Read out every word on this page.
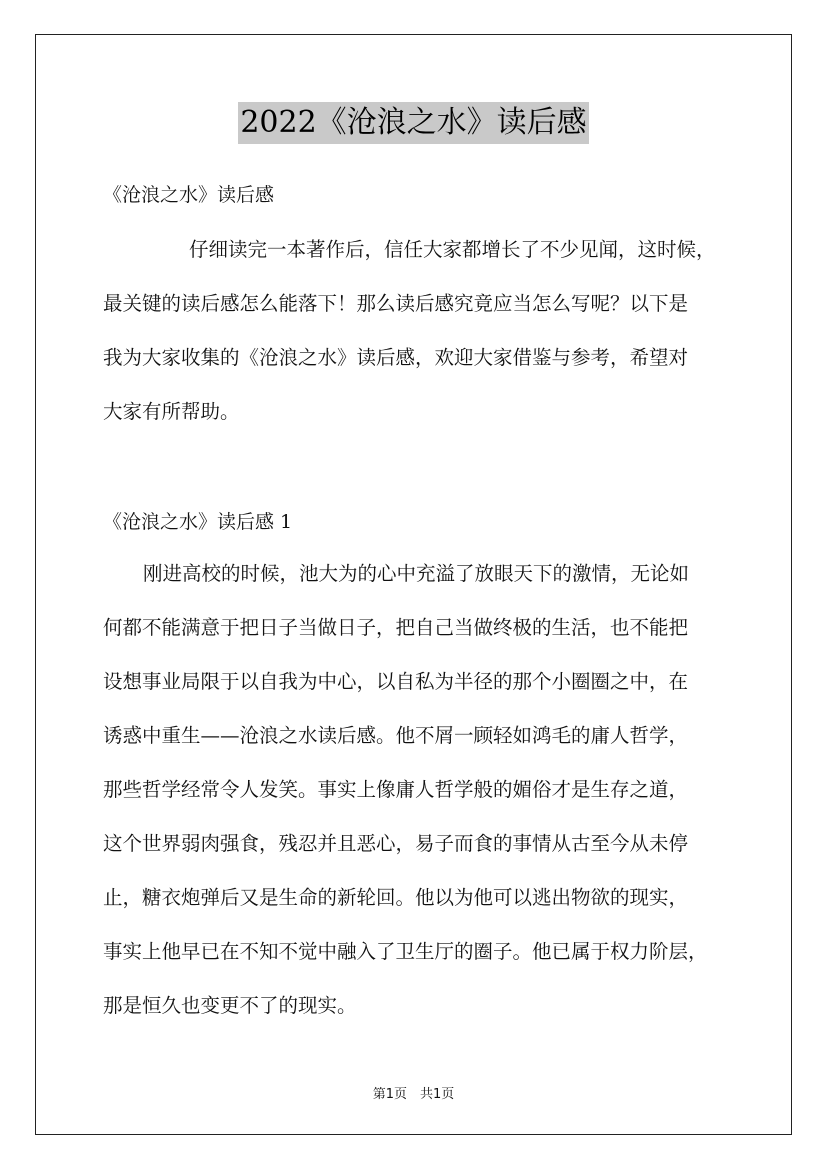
2022《沧浪之水》读后感
《沧浪之水》读后感

仔细读完一本著作后，信任大家都增长了不少见闻，这时候，
最关键的读后感怎么能落下！那么读后感究竟应当怎么写呢？以下是
我为大家收集的《沧浪之水》读后感，欢迎大家借鉴与参考，希望对
大家有所帮助。

《沧浪之水》读后感 1

刚进高校的时候，池大为的心中充溢了放眼天下的激情，无论如
何都不能满意于把日子当做日子，把自己当做终极的生活，也不能把
设想事业局限于以自我为中心，以自私为半径的那个小圈圈之中，在
诱惑中重生——沧浪之水读后感。他不屑一顾轻如鸿毛的庸人哲学，
那些哲学经常令人发笑。事实上像庸人哲学般的媚俗才是生存之道，
这个世界弱肉强食，残忍并且恶心，易子而食的事情从古至今从未停
止，糖衣炮弹后又是生命的新轮回。他以为他可以逃出物欲的现实，
事实上他早已在不知不觉中融入了卫生厅的圈子。他已属于权力阶层，
那是恒久也变更不了的现实。

第1页　共1页
